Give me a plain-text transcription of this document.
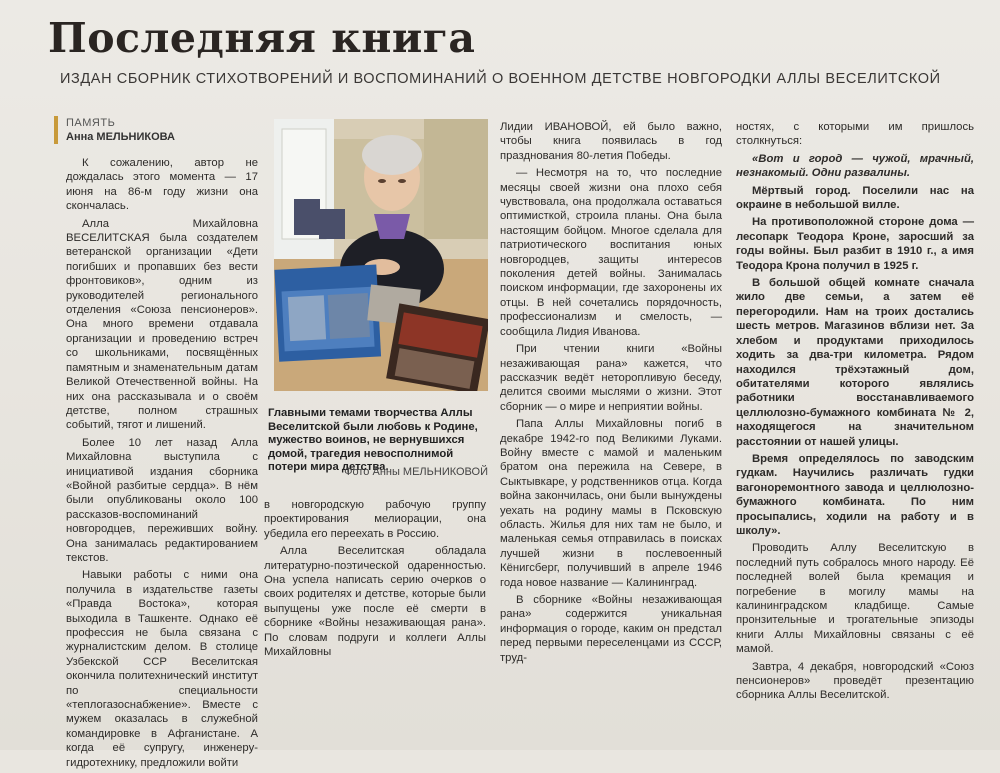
Последняя книга
ИЗДАН СБОРНИК СТИХОТВОРЕНИЙ И ВОСПОМИНАНИЙ О ВОЕННОМ ДЕТСТВЕ НОВГОРОДКИ АЛЛЫ ВЕСЕЛИТСКОЙ
ПАМЯТЬ
Анна МЕЛЬНИКОВА

К сожалению, автор не дождалась этого момента — 17 июня на 86-м году жизни она скончалась.

Алла Михайловна ВЕСЕЛИТСКАЯ была создателем ветеранской организации «Дети погибших и пропавших без вести фронтовиков», одним из руководителей регионального отделения «Союза пенсионеров». Она много времени отдавала организации и проведению встреч со школьниками, посвящённых памятным и знаменательным датам Великой Отечественной войны. На них она рассказывала и о своём детстве, полном страшных событий, тягот и лишений.

Более 10 лет назад Алла Михайловна выступила с инициативой издания сборника «Войной разбитые сердца». В нём были опубликованы около 100 рассказов-воспоминаний новгородцев, переживших войну. Она занималась редактированием текстов.

Навыки работы с ними она получила в издательстве газеты «Правда Востока», которая выходила в Ташкенте. Однако её профессия не была связана с журналистским делом. В столице Узбекской ССР Веселитская окончила политехнический институт по специальности «теплогазоснабжение». Вместе с мужем оказалась в служебной командировке в Афганистане. А когда её супругу, инженеру-гидротехнику, предложили войти

Главными темами творчества Аллы Веселитской были любовь к Родине, мужество воинов, не вернувшихся домой, трагедия невосполнимой потери мира детства.
Фото Анны МЕЛЬНИКОВОЙ

в новгородскую рабочую группу проектирования мелиорации, она убедила его переехать в Россию.

Алла Веселитская обладала литературно-поэтической одаренностью. Она успела написать серию очерков о своих родителях и детстве, которые были выпущены уже после её смерти в сборнике «Войны незаживающая рана». По словам подруги и коллеги Аллы Михайловны

Лидии ИВАНОВОЙ, ей было важно, чтобы книга появилась в год празднования 80-летия Победы.

— Несмотря на то, что последние месяцы своей жизни она плохо себя чувствовала, она продолжала оставаться оптимисткой, строила планы. Она была настоящим бойцом. Многое сделала для патриотического воспитания юных новгородцев, защиты интересов поколения детей войны. Занималась поиском информации, где захоронены их отцы. В ней сочетались порядочность, профессионализм и смелость, — сообщила Лидия Иванова.

При чтении книги «Войны незаживающая рана» кажется, что рассказчик ведёт неторопливую беседу, делится своими мыслями о жизни. Этот сборник — о мире и неприятии войны.

Папа Аллы Михайловны погиб в декабре 1942-го под Великими Луками. Войну вместе с мамой и маленьким братом она пережила на Севере, в Сыктывкаре, у родственников отца. Когда война закончилась, они были вынуждены уехать на родину мамы в Псковскую область. Жилья для них там не было, и маленькая семья отправилась в поисках лучшей жизни в послевоенный Кёнигсберг, получивший в апреле 1946 года новое название — Калининград.

В сборнике «Войны незаживающая рана» содержится уникальная информация о городе, каким он предстал перед первыми переселенцами из СССР, труд-

ностях, с которыми им пришлось столкнуться:

«Вот и город — чужой, мрачный, незнакомый. Одни развалины.

Мёртвый город. Поселили нас на окраине в небольшой вилле.

На противоположной стороне дома — лесопарк Теодора Кроне, заросший за годы войны. Был разбит в 1910 г., а имя Теодора Крона получил в 1925 г.

В большой общей комнате сначала жило две семьи, а затем её перегородили. Нам на троих достались шесть метров. Магазинов вблизи нет. За хлебом и продуктами приходилось ходить за два-три километра. Рядом находился трёхэтажный дом, обитателями которого являлись работники восстанавливаемого целлюлозно-бумажного комбината № 2, находящегося на значительном расстоянии от нашей улицы.

Время определялось по заводским гудкам. Научились различать гудки вагоноремонтного завода и целлюлозно-бумажного комбината. По ним просыпались, ходили на работу и в школу».

Проводить Аллу Веселитскую в последний путь собралось много народу. Её последней волей была кремация и погребение в могилу мамы на калининградском кладбище. Самые пронзительные и трогательные эпизоды книги Аллы Михайловны связаны с её мамой.

Завтра, 4 декабря, новгородский «Союз пенсионеров» проведёт презентацию сборника Аллы Веселитской.
